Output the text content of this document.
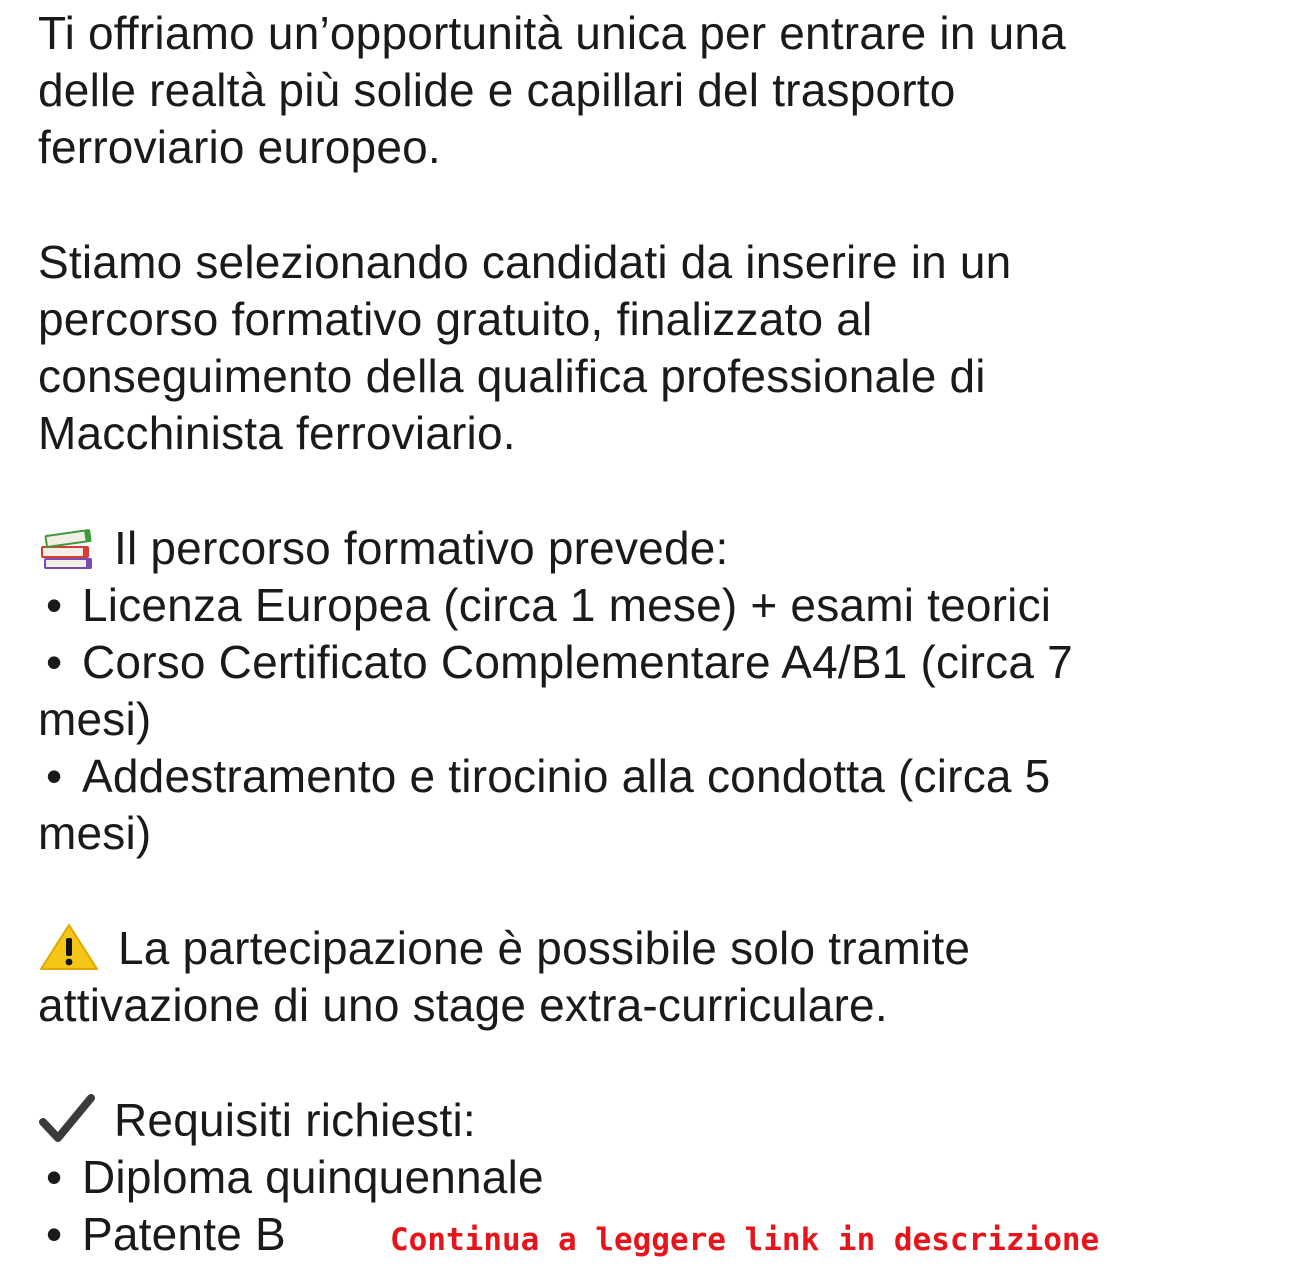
Ti offriamo un’opportunità unica per entrare in una
delle realtà più solide e capillari del trasporto
ferroviario europeo.
Stiamo selezionando candidati da inserire in un
percorso formativo gratuito, finalizzato al
conseguimento della qualifica professionale di
Macchinista ferroviario.
Il percorso formativo prevede:
• Licenza Europea (circa 1 mese) + esami teorici
• Corso Certificato Complementare A4/B1 (circa 7
mesi)
• Addestramento e tirocinio alla condotta (circa 5
mesi)
La partecipazione è possibile solo tramite
attivazione di uno stage extra-curriculare.
Requisiti richiesti:
• Diploma quinquennale
• Patente B	Continua a leggere link in descrizione
